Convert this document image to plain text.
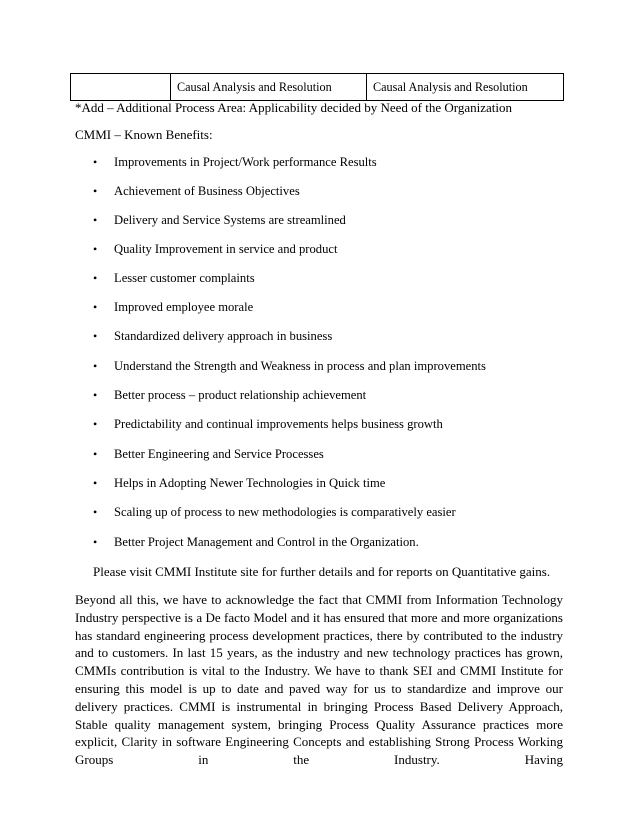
	Causal Analysis and Resolution	Causal Analysis and Resolution
*Add – Additional Process Area: Applicability decided by Need of the Organization
CMMI – Known Benefits:
• Improvements in Project/Work performance Results
• Achievement of Business Objectives
• Delivery and Service Systems are streamlined
• Quality Improvement in service and product
• Lesser customer complaints
• Improved employee morale
• Standardized delivery approach in business
• Understand the Strength and Weakness in process and plan improvements
• Better process – product relationship achievement
• Predictability and continual improvements helps business growth
• Better Engineering and Service Processes
• Helps in Adopting Newer Technologies in Quick time
• Scaling up of process to new methodologies is comparatively easier
• Better Project Management and Control in the Organization.
Please visit CMMI Institute site for further details and for reports on Quantitative gains.

Beyond all this, we have to acknowledge the fact that CMMI from Information Technology Industry perspective is a De facto Model and it has ensured that more and more organizations has standard engineering process development practices, there by contributed to the industry and to customers. In last 15 years, as the industry and new technology practices has grown, CMMIs contribution is vital to the Industry. We have to thank SEI and CMMI Institute for ensuring this model is up to date and paved way for us to standardize and improve our delivery practices. CMMI is instrumental in bringing Process Based Delivery Approach, Stable quality management system, bringing Process Quality Assurance practices more explicit, Clarity in software Engineering Concepts and establishing Strong Process Working Groups in the Industry. Having
